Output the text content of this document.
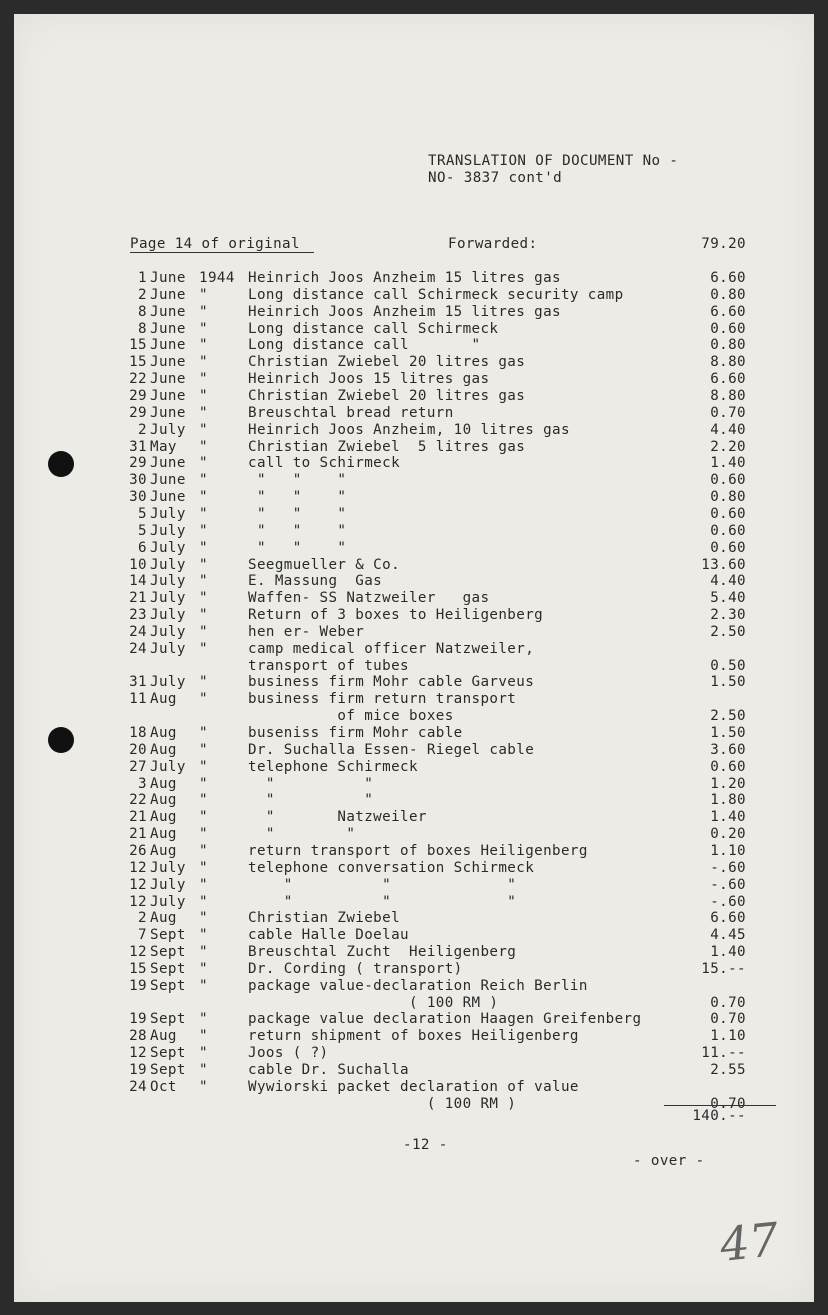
TRANSLATION OF DOCUMENT No -
NO- 3837 cont'd
Page 14 of original	Forwarded:	79.20
1 June 1944 Heinrich Joos Anzheim 15 litres gas	6.60
2 June "	Long distance call Schirmeck security camp	0.80
8 June "	Heinrich Joos Anzheim 15 litres gas	6.60
8 June "	Long distance call Schirmeck	0.60
15 June "	Long distance call       "	0.80
15 June "	Christian Zwiebel 20 litres gas	8.80
22 June "	Heinrich Joos 15 litres gas	6.60
29 June "	Christian Zwiebel 20 litres gas	8.80
29 June "	Breuschtal bread return	0.70
2 July "	Heinrich Joos Anzheim, 10 litres gas	4.40
31 May "	Christian Zwiebel  5 litres gas	2.20
29 June "	call to Schirmeck	1.40
30 June "	"   "    "	0.60
30 June "	"   "    "	0.80
5 July "	"   "    "	0.60
5 July "	"   "    "	0.60
6 July "	"   "    "	0.60
10 July "	Seegmueller & Co.	13.60
14 July "	E. Massung  Gas	4.40
21 July "	Waffen- SS Natzweiler   gas	5.40
23 July "	Return of 3 boxes to Heiligenberg	2.30
24 July "	hen er- Weber	2.50
24 July "	camp medical officer Natzweiler,
transport of tubes	0.50
31 July "	business firm Mohr cable Garveus	1.50
11 Aug "	business firm return transport
of mice boxes	2.50
18 Aug "	buseniss firm Mohr cable	1.50
20 Aug "	Dr. Suchalla Essen- Riegel cable	3.60
27 July "	telephone Schirmeck	0.60
3 Aug "	"          "	1.20
22 Aug "	"          "	1.80
21 Aug "	"       Natzweiler	1.40
21 Aug "	"        "	0.20
26 Aug "	return transport of boxes Heiligenberg	1.10
12 July "	telephone conversation Schirmeck	-.60
12 July "	"          "             "	-.60
12 July "	"          "             "	-.60
2 Aug "	Christian Zwiebel	6.60
7 Sept "	cable Halle Doelau	4.45
12 Sept "	Breuschtal Zucht  Heiligenberg	1.40
15 Sept "	Dr. Cording ( transport)	15.--
19 Sept "	package value-declaration Reich Berlin
( 100 RM )	0.70
19 Sept "	package value declaration Haagen Greifenberg	0.70
28 Aug "	return shipment of boxes Heiligenberg	1.10
12 Sept "	Joos ( ?)	11.--
19 Sept "	cable Dr. Suchalla	2.55
24 Oct "	Wywiorski packet declaration of value
( 100 RM )	0.70
140.--
-12 -
- over -
47
